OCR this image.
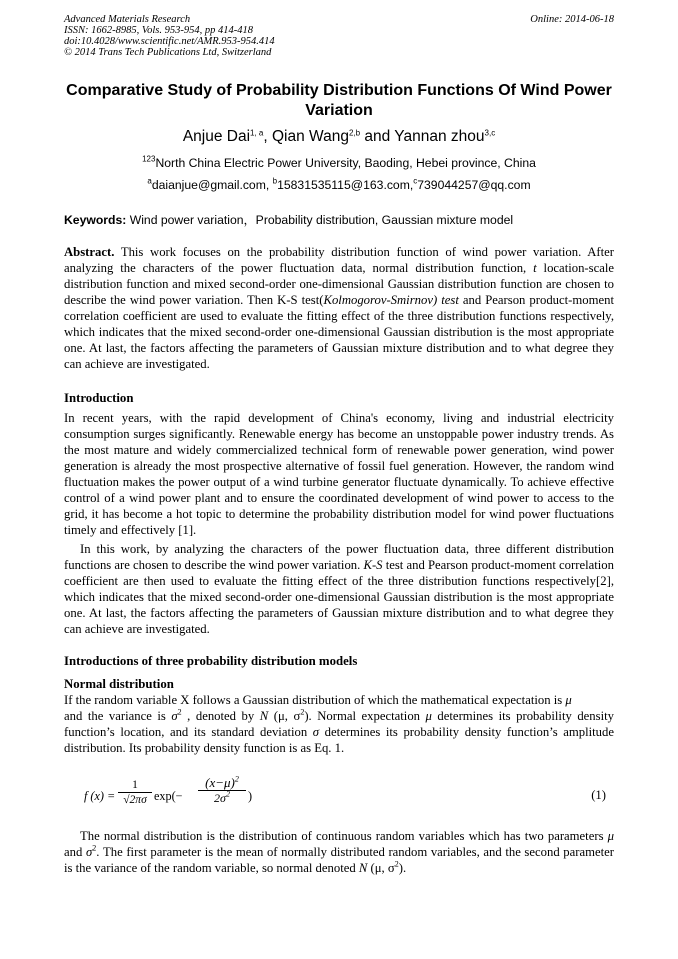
Advanced Materials Research
ISSN: 1662-8985, Vols. 953-954, pp 414-418
doi:10.4028/www.scientific.net/AMR.953-954.414
© 2014 Trans Tech Publications Ltd, Switzerland
Online: 2014-06-18
Comparative Study of Probability Distribution Functions Of Wind Power Variation
Anjue Dai$^{1, a}$, Qian Wang$^{2,b}$ and Yannan zhou$^{3,c}$
$^{123}$North China Electric Power University, Baoding, Hebei province, China
$^a$daianjue@gmail.com, $^b$15831535115@163.com,$^c$739044257@qq.com
Keywords: Wind power variation，Probability distribution, Gaussian mixture model
Abstract. This work focuses on the probability distribution function of wind power variation. After analyzing the characters of the power fluctuation data, normal distribution function, t location-scale distribution function and mixed second-order one-dimensional Gaussian distribution function are chosen to describe the wind power variation. Then K-S test(Kolmogorov-Smirnov) test and Pearson product-moment correlation coefficient are used to evaluate the fitting effect of the three distribution functions respectively, which indicates that the mixed second-order one-dimensional Gaussian distribution is the most appropriate one. At last, the factors affecting the parameters of Gaussian mixture distribution and to what degree they can achieve are investigated.
Introduction
In recent years, with the rapid development of China's economy, living and industrial electricity consumption surges significantly. Renewable energy has become an unstoppable power industry trends. As the most mature and widely commercialized technical form of renewable power generation, wind power generation is already the most prospective alternative of fossil fuel generation. However, the random wind fluctuation makes the power output of a wind turbine generator fluctuate dynamically. To achieve effective control of a wind power plant and to ensure the coordinated development of wind power to access to the grid, it has become a hot topic to determine the probability distribution model for wind power fluctuations timely and effectively [1].
In this work, by analyzing the characters of the power fluctuation data, three different distribution functions are chosen to describe the wind power variation. K-S test and Pearson product-moment correlation coefficient are then used to evaluate the fitting effect of the three distribution functions respectively[2], which indicates that the mixed second-order one-dimensional Gaussian distribution is the most appropriate one. At last, the factors affecting the parameters of Gaussian mixture distribution and to what degree they can achieve are investigated.
Introductions of three probability distribution models
Normal distribution
If the random variable X follows a Gaussian distribution of which the mathematical expectation is μ
and the variance is $\sigma^2$ , denoted by N (μ, $\sigma^2$). Normal expectation μ determines its probability density function’s location, and its standard deviation σ determines its probability density function’s amplitude distribution. Its probability density function is as Eq. 1.
f $(x) = \frac{1}{√2\pi\sigma} \exp(- \frac{(x-\mu)^2}{2\sigma^2}$ )	(1)
The normal distribution is the distribution of continuous random variables which has two parameters μ and $\sigma^2$. The first parameter is the mean of normally distributed random variables, and the second parameter is the variance of the random variable, so normal denoted N (μ, $\sigma^2$).
